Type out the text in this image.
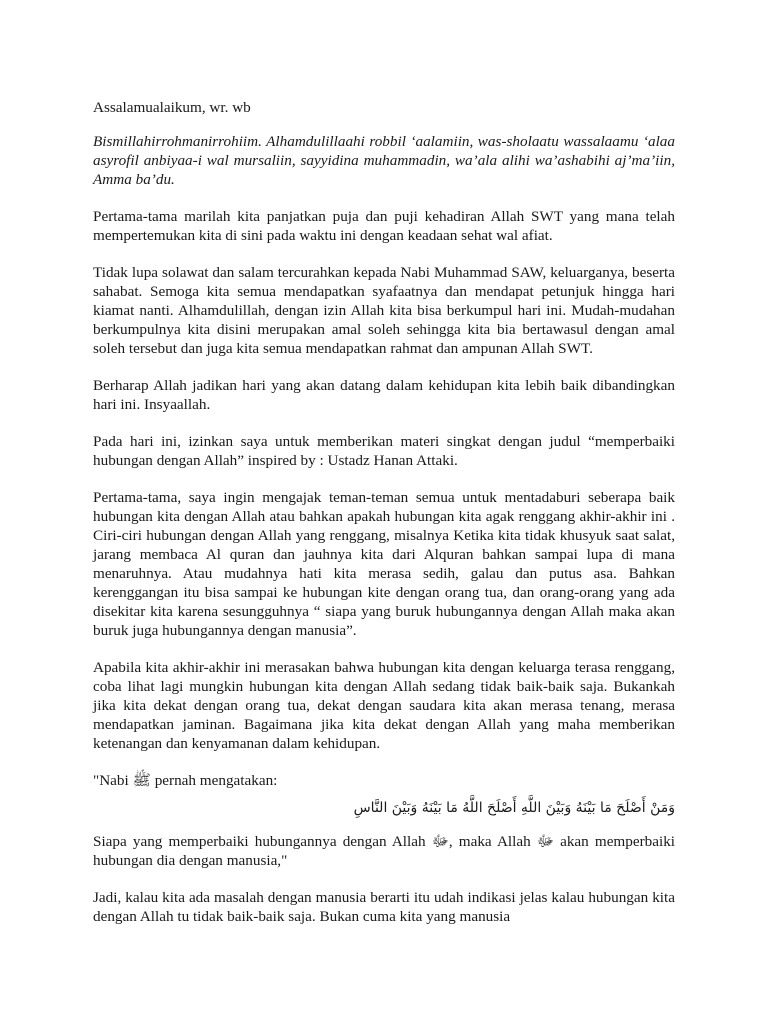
Assalamualaikum, wr. wb

Bismillahirrohmanirrohiim. Alhamdulillaahi robbil ‘aalamiin, was-sholaatu wassalaamu ‘alaa asyrofil anbiyaa-i wal mursaliin, sayyidina muhammadin, wa’ala alihi wa’ashabihi aj’ma’iin, Amma ba’du.

Pertama-tama marilah kita panjatkan puja dan puji kehadiran Allah SWT yang mana telah mempertemukan kita di sini pada waktu ini dengan keadaan sehat wal afiat.

Tidak lupa solawat dan salam tercurahkan kepada Nabi Muhammad SAW, keluarganya, beserta sahabat. Semoga kita semua mendapatkan syafaatnya dan mendapat petunjuk hingga hari kiamat nanti. Alhamdulillah, dengan izin Allah kita bisa berkumpul hari ini. Mudah-mudahan berkumpulnya kita disini merupakan amal soleh sehingga kita bia bertawasul dengan amal soleh tersebut dan juga kita semua mendapatkan rahmat dan ampunan Allah SWT.

Berharap Allah jadikan hari yang akan datang dalam kehidupan kita lebih baik dibandingkan hari ini. Insyaallah.

Pada hari ini, izinkan saya untuk memberikan materi singkat dengan judul “memperbaiki hubungan dengan Allah” inspired by : Ustadz Hanan Attaki.

Pertama-tama, saya ingin mengajak teman-teman semua untuk mentadaburi seberapa baik hubungan kita dengan Allah atau bahkan apakah hubungan kita agak renggang akhir-akhir ini . Ciri-ciri hubungan dengan Allah yang renggang, misalnya Ketika kita tidak khusyuk saat salat, jarang membaca Al quran dan jauhnya kita dari Alquran bahkan sampai lupa di mana menaruhnya. Atau mudahnya hati kita merasa sedih, galau dan putus asa. Bahkan kerenggangan itu bisa sampai ke hubungan kite dengan orang tua, dan orang-orang yang ada disekitar kita karena sesungguhnya “ siapa yang buruk hubungannya dengan Allah maka akan buruk juga hubungannya dengan manusia”.

Apabila kita akhir-akhir ini merasakan bahwa hubungan kita dengan keluarga terasa renggang, coba lihat lagi mungkin hubungan kita dengan Allah sedang tidak baik-baik saja. Bukankah jika kita dekat dengan orang tua, dekat dengan saudara kita akan merasa tenang, merasa mendapatkan jaminan. Bagaimana jika kita dekat dengan Allah yang maha memberikan ketenangan dan kenyamanan dalam kehidupan.

"Nabi ﷺ pernah mengatakan:

وَمَنْ أَصْلَحَ مَا بَيْنَهُ وَبَيْنَ اللَّهِ أَصْلَحَ اللَّهُ مَا بَيْنَهُ وَبَيْنَ النَّاسِ

Siapa yang memperbaiki hubungannya dengan Allah ﷻ, maka Allah ﷻ akan memperbaiki hubungan dia dengan manusia,"

Jadi, kalau kita ada masalah dengan manusia berarti itu udah indikasi jelas kalau hubungan kita dengan Allah tu tidak baik-baik saja. Bukan cuma kita yang manusia
